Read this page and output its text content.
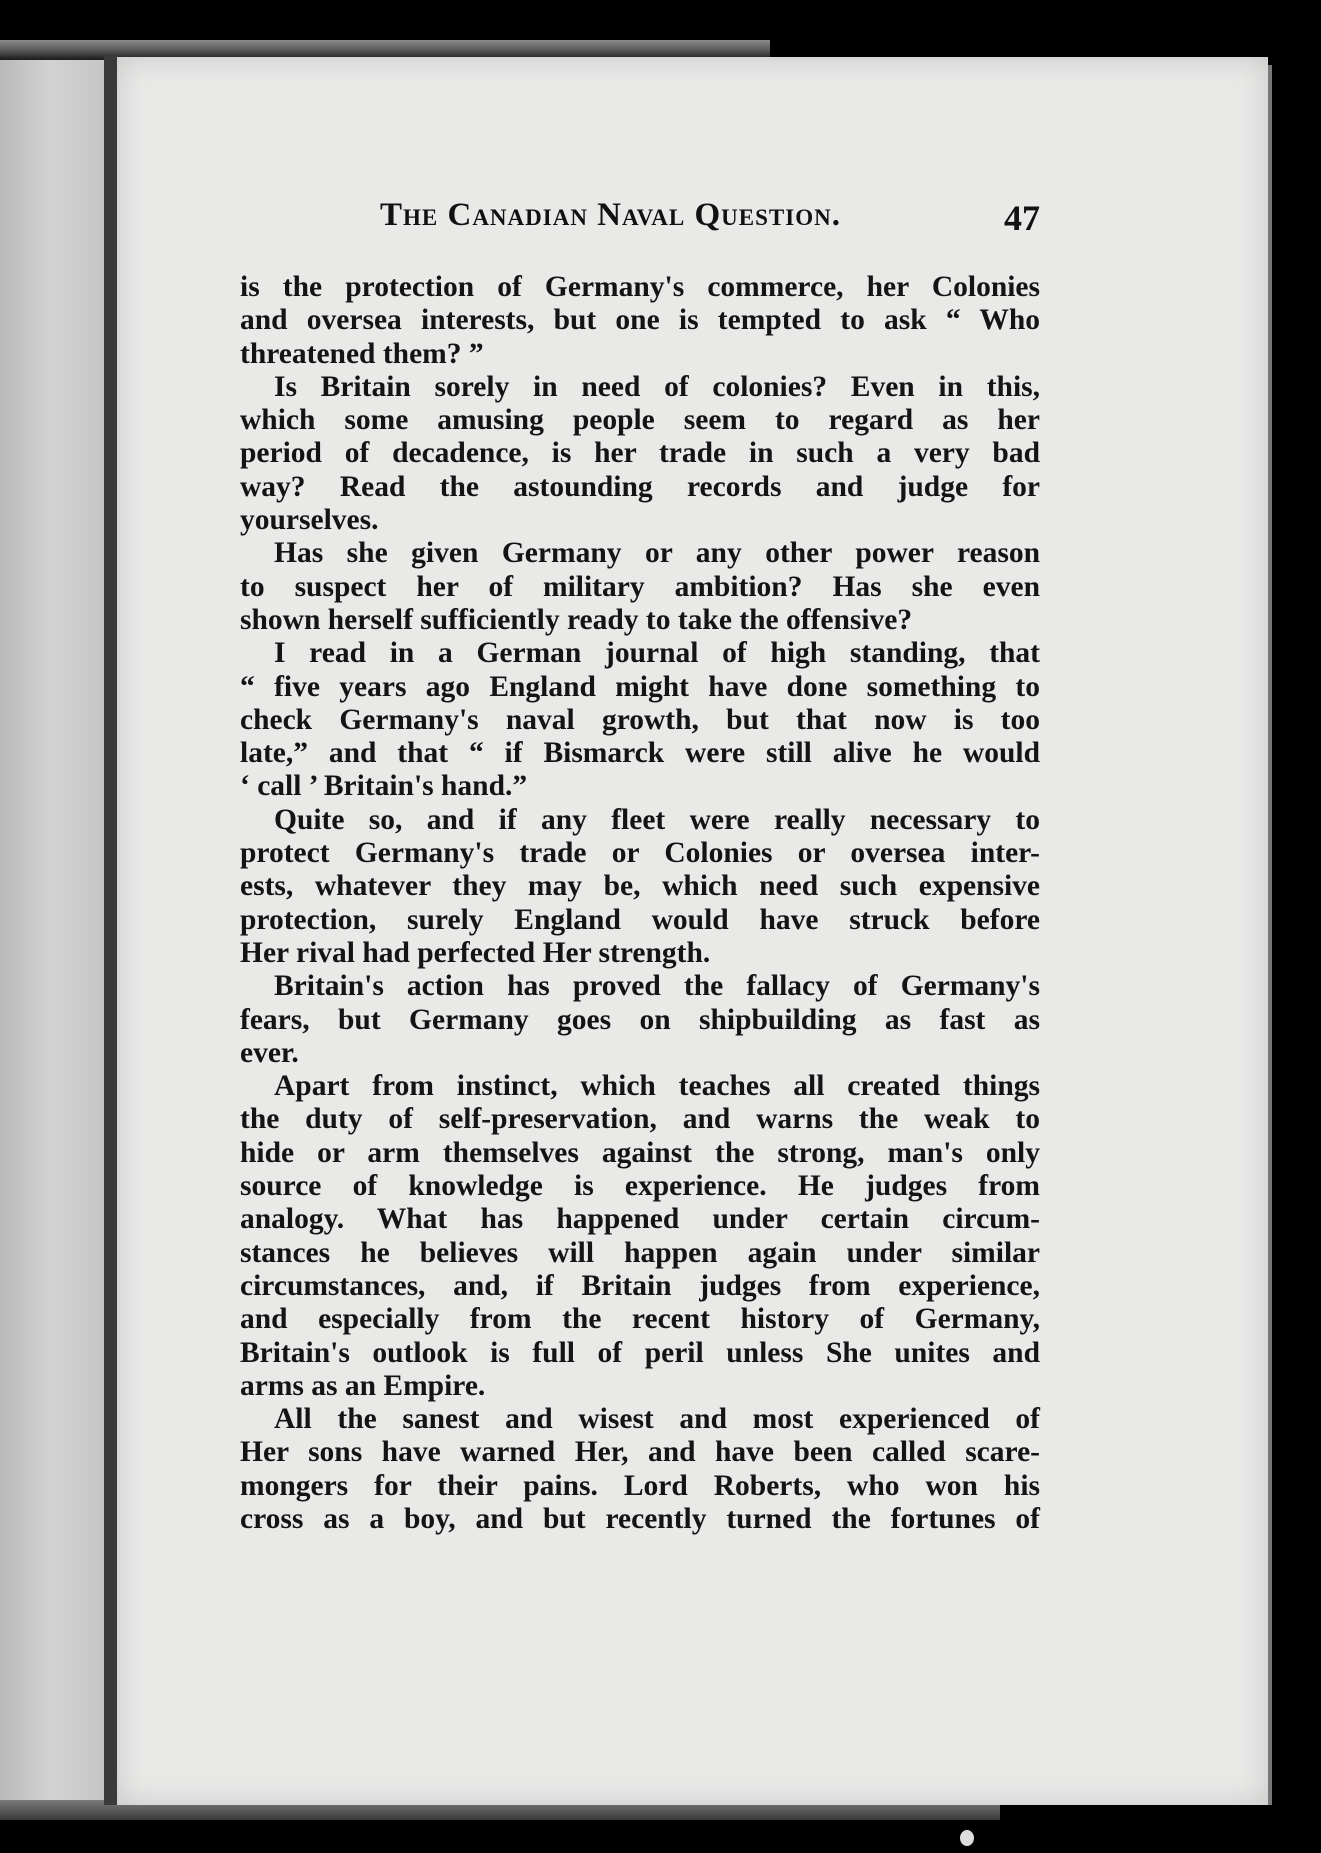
The Canadian Naval Question.	47
is the protection of Germany's commerce, her Colonies
and oversea interests, but one is tempted to ask “ Who
threatened them? ”
Is Britain sorely in need of colonies? Even in this,
which some amusing people seem to regard as her
period of decadence, is her trade in such a very bad
way? Read the astounding records and judge for
yourselves.
Has she given Germany or any other power reason
to suspect her of military ambition? Has she even
shown herself sufficiently ready to take the offensive?
I read in a German journal of high standing, that
“ five years ago England might have done something to
check Germany's naval growth, but that now is too
late,” and that “ if Bismarck were still alive he would
‘ call ’ Britain's hand.”
Quite so, and if any fleet were really necessary to
protect Germany's trade or Colonies or oversea inter-
ests, whatever they may be, which need such expensive
protection, surely England would have struck before
Her rival had perfected Her strength.
Britain's action has proved the fallacy of Germany's
fears, but Germany goes on shipbuilding as fast as
ever.
Apart from instinct, which teaches all created things
the duty of self-preservation, and warns the weak to
hide or arm themselves against the strong, man's only
source of knowledge is experience. He judges from
analogy. What has happened under certain circum-
stances he believes will happen again under similar
circumstances, and, if Britain judges from experience,
and especially from the recent history of Germany,
Britain's outlook is full of peril unless She unites and
arms as an Empire.
All the sanest and wisest and most experienced of
Her sons have warned Her, and have been called scare-
mongers for their pains. Lord Roberts, who won his
cross as a boy, and but recently turned the fortunes of
